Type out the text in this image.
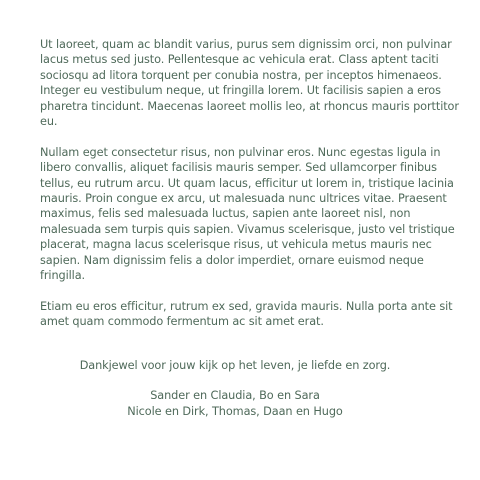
Ut laoreet, quam ac blandit varius, purus sem dignissim orci, non pulvinar lacus metus sed justo. Pellentesque ac vehicula erat. Class aptent taciti sociosqu ad litora torquent per conubia nostra, per inceptos himenaeos. Integer eu vestibulum neque, ut fringilla lorem. Ut facilisis sapien a eros pharetra tincidunt. Maecenas laoreet mollis leo, at rhoncus mauris porttitor eu.

Nullam eget consectetur risus, non pulvinar eros. Nunc egestas ligula in libero convallis, aliquet facilisis mauris semper. Sed ullamcorper finibus tellus, eu rutrum arcu. Ut quam lacus, efficitur ut lorem in, tristique lacinia mauris. Proin congue ex arcu, ut malesuada nunc ultrices vitae. Praesent maximus, felis sed malesuada luctus, sapien ante laoreet nisl, non malesuada sem turpis quis sapien. Vivamus scelerisque, justo vel tristique placerat, magna lacus scelerisque risus, ut vehicula metus mauris nec sapien. Nam dignissim felis a dolor imperdiet, ornare euismod neque fringilla.

Etiam eu eros efficitur, rutrum ex sed, gravida mauris. Nulla porta ante sit amet quam commodo fermentum ac sit amet erat.

Dankjewel voor jouw kijk op het leven, je liefde en zorg.

Sander en Claudia, Bo en Sara
Nicole en Dirk, Thomas, Daan en Hugo
